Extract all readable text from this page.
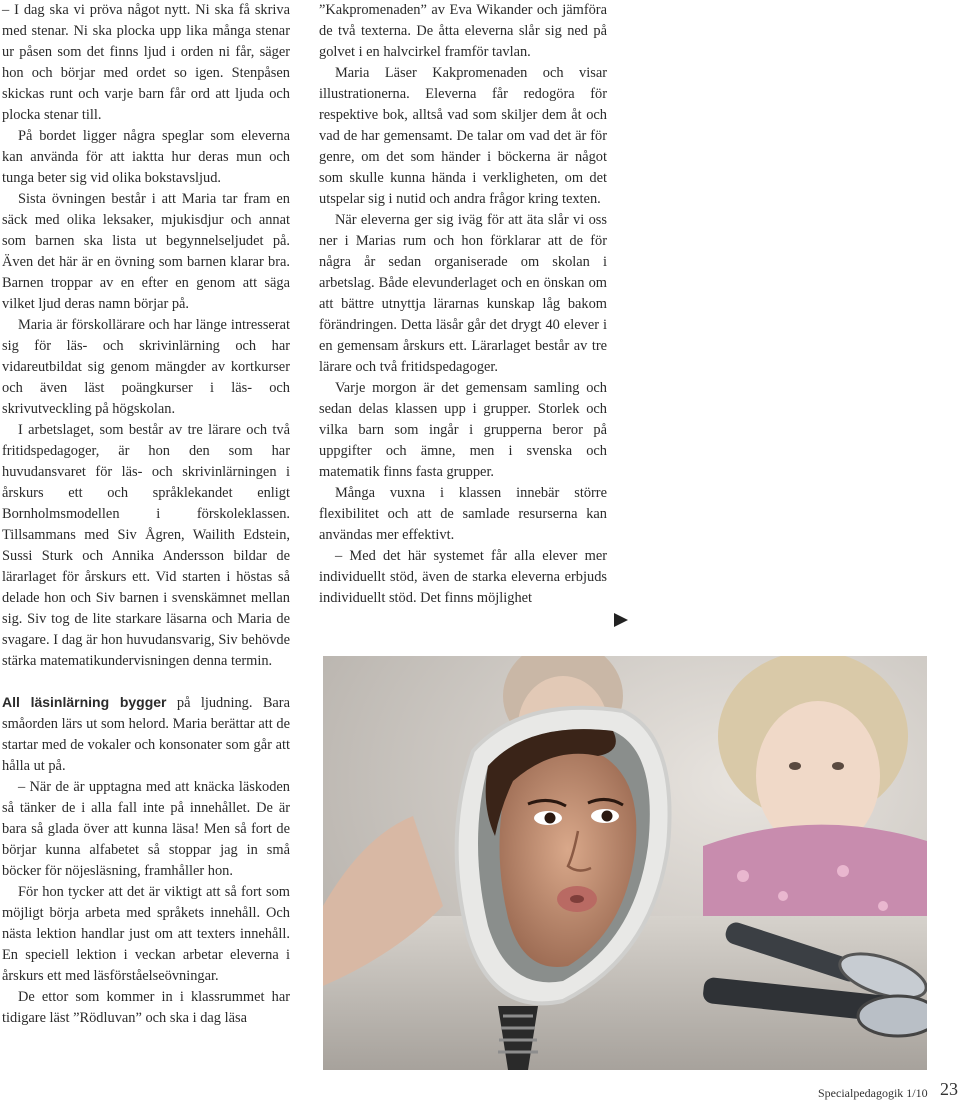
– I dag ska vi pröva något nytt. Ni ska få skriva med stenar. Ni ska plocka upp lika många stenar ur påsen som det finns ljud i orden ni får, säger hon och börjar med ordet so igen. Stenpåsen skickas runt och varje barn får ord att ljuda och plocka stenar till.

På bordet ligger några speglar som eleverna kan använda för att iaktta hur deras mun och tunga beter sig vid olika bokstavsljud.

Sista övningen består i att Maria tar fram en säck med olika leksaker, mjukisdjur och annat som barnen ska lista ut begynnelseljudet på. Även det här är en övning som barnen klarar bra. Barnen troppar av en efter en genom att säga vilket ljud deras namn börjar på.

Maria är förskollärare och har länge intresserat sig för läs- och skrivinlärning och har vidareutbildat sig genom mängder av kortkurser och även läst poängkurser i läs- och skrivutveckling på högskolan.

I arbetslaget, som består av tre lärare och två fritidspedagoger, är hon den som har huvudansvaret för läs- och skrivinlärningen i årskurs ett och språklekandet enligt Bornholmsmodellen i förskoleklassen. Tillsammans med Siv Ågren, Wailith Edstein, Sussi Sturk och Annika Andersson bildar de lärarlaget för årskurs ett. Vid starten i höstas så delade hon och Siv barnen i svenskämnet mellan sig. Siv tog de lite starkare läsarna och Maria de svagare. I dag är hon huvudansvarig, Siv behövde stärka matematikundervisningen denna termin.

All läsinlärning bygger på ljudning. Bara småorden lärs ut som helord. Maria berättar att de startar med de vokaler och konsonater som går att hålla ut på.

– När de är upptagna med att knäcka läskoden så tänker de i alla fall inte på innehållet. De är bara så glada över att kunna läsa! Men så fort de börjar kunna alfabetet så stoppar jag in små böcker för nöjesläsning, framhåller hon.

För hon tycker att det är viktigt att så fort som möjligt börja arbeta med språkets innehåll. Och nästa lektion handlar just om att texters innehåll. En speciell lektion i veckan arbetar eleverna i årskurs ett med läsförståelseövningar.

De ettor som kommer in i klassrummet har tidigare läst ”Rödluvan” och ska i dag läsa

”Kakpromenaden” av Eva Wikander och jämföra de två texterna. De åtta eleverna slår sig ned på golvet i en halvcirkel framför tavlan.

Maria Läser Kakpromenaden och visar illustrationerna. Eleverna får redogöra för respektive bok, alltså vad som skiljer dem åt och vad de har gemensamt. De talar om vad det är för genre, om det som händer i böckerna är något som skulle kunna hända i verkligheten, om det utspelar sig i nutid och andra frågor kring texten.

När eleverna ger sig iväg för att äta slår vi oss ner i Marias rum och hon förklarar att de för några år sedan organiserade om skolan i arbetslag. Både elevunderlaget och en önskan om att bättre utnyttja lärarnas kunskap låg bakom förändringen. Detta läsår går det drygt 40 elever i en gemensam årskurs ett. Lärarlaget består av tre lärare och två fritidspedagoger.

Varje morgon är det gemensam samling och sedan delas klassen upp i grupper. Storlek och vilka barn som ingår i grupperna beror på uppgifter och ämne, men i svenska och matematik finns fasta grupper.

Många vuxna i klassen innebär större flexibilitet och att de samlade resurserna kan användas mer effektivt.

– Med det här systemet får alla elever mer individuellt stöd, även de starka eleverna erbjuds individuellt stöd. Det finns möjlighet

Specialpedagogik 1/10 23
